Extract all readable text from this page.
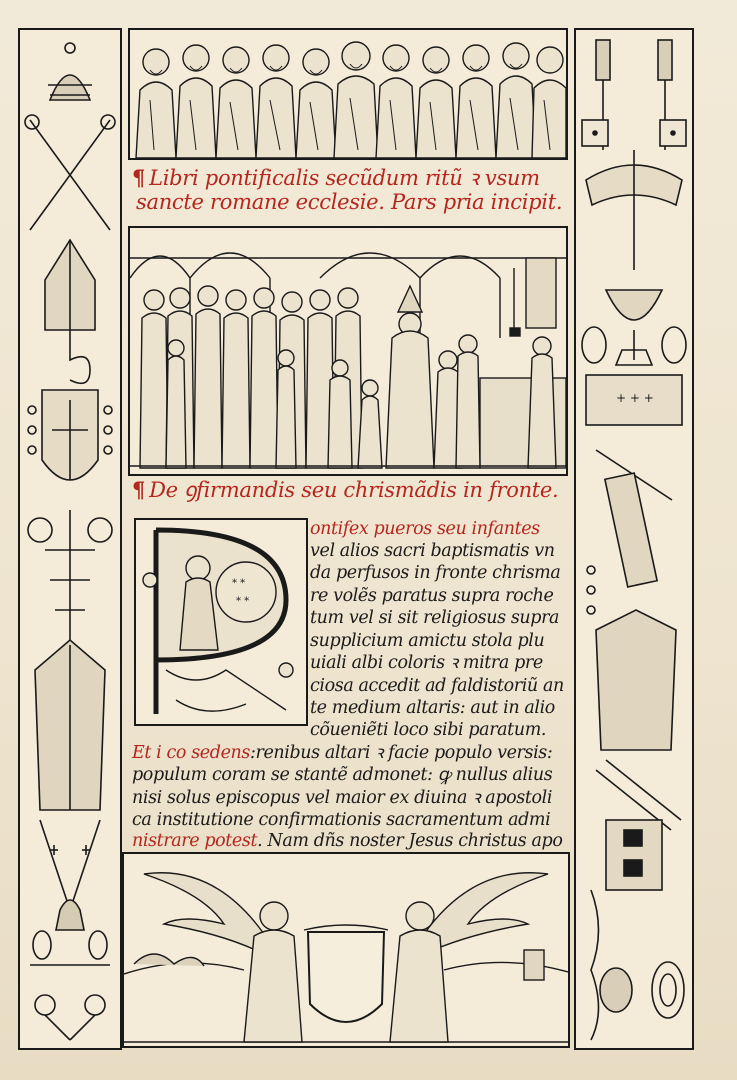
+ + +
¶ Libri pontificalis secũdum ritũ ꝛ vsum
sancte romane ecclesie. Pars pria incipit.
¶ De ꝯfirmandis seu chrismãdis in fronte.
* *
* *
ontifex pueros seu infantes
vel alios sacri baptismatis vn
da perfusos in fronte chrisma
re volẽs paratus supra roche
tum vel si sit religiosus supra
supplicium amictu stola plu
uiali albi coloris ꝛ mitra pre
ciosa accedit ad faldistoriũ an
te medium altaris: aut in alio
cõueniẽti loco sibi paratum.
Et i co sedens:renibus altari ꝛ facie populo versis:
populum coram se stantẽ admonet: ꝙ nullus alius
nisi solus episcopus vel maior ex diuina ꝛ apostoli
ca institutione confirmationis sacramentum admi
nistrare potest. Nam dñs noster Jesus christus apo
